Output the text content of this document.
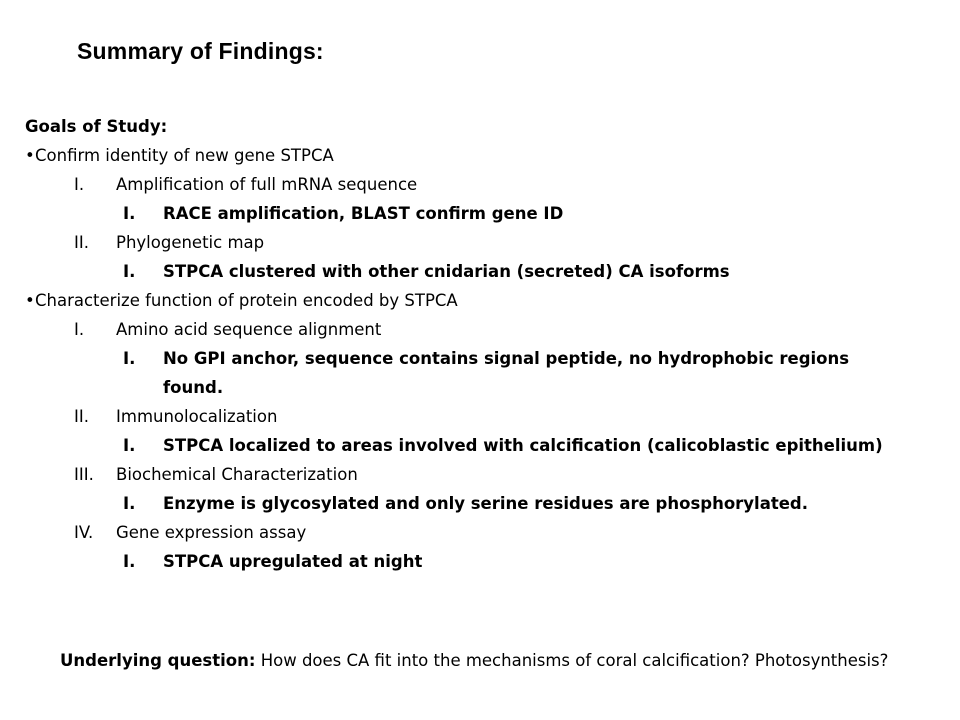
Summary of Findings:
Goals of Study:
•Confirm identity of new gene STPCA
I. Amplification of full mRNA sequence
I. RACE amplification, BLAST confirm gene ID
II. Phylogenetic map
I. STPCA clustered with other cnidarian (secreted) CA isoforms
•Characterize function of protein encoded by STPCA
I. Amino acid sequence alignment
I. No GPI anchor, sequence contains signal peptide, no hydrophobic regions
found.
II. Immunolocalization
I. STPCA localized to areas involved with calcification (calicoblastic epithelium)
III. Biochemical Characterization
I. Enzyme is glycosylated and only serine residues are phosphorylated.
IV. Gene expression assay
I. STPCA upregulated at night
Underlying question: How does CA fit into the mechanisms of coral calcification? Photosynthesis?
